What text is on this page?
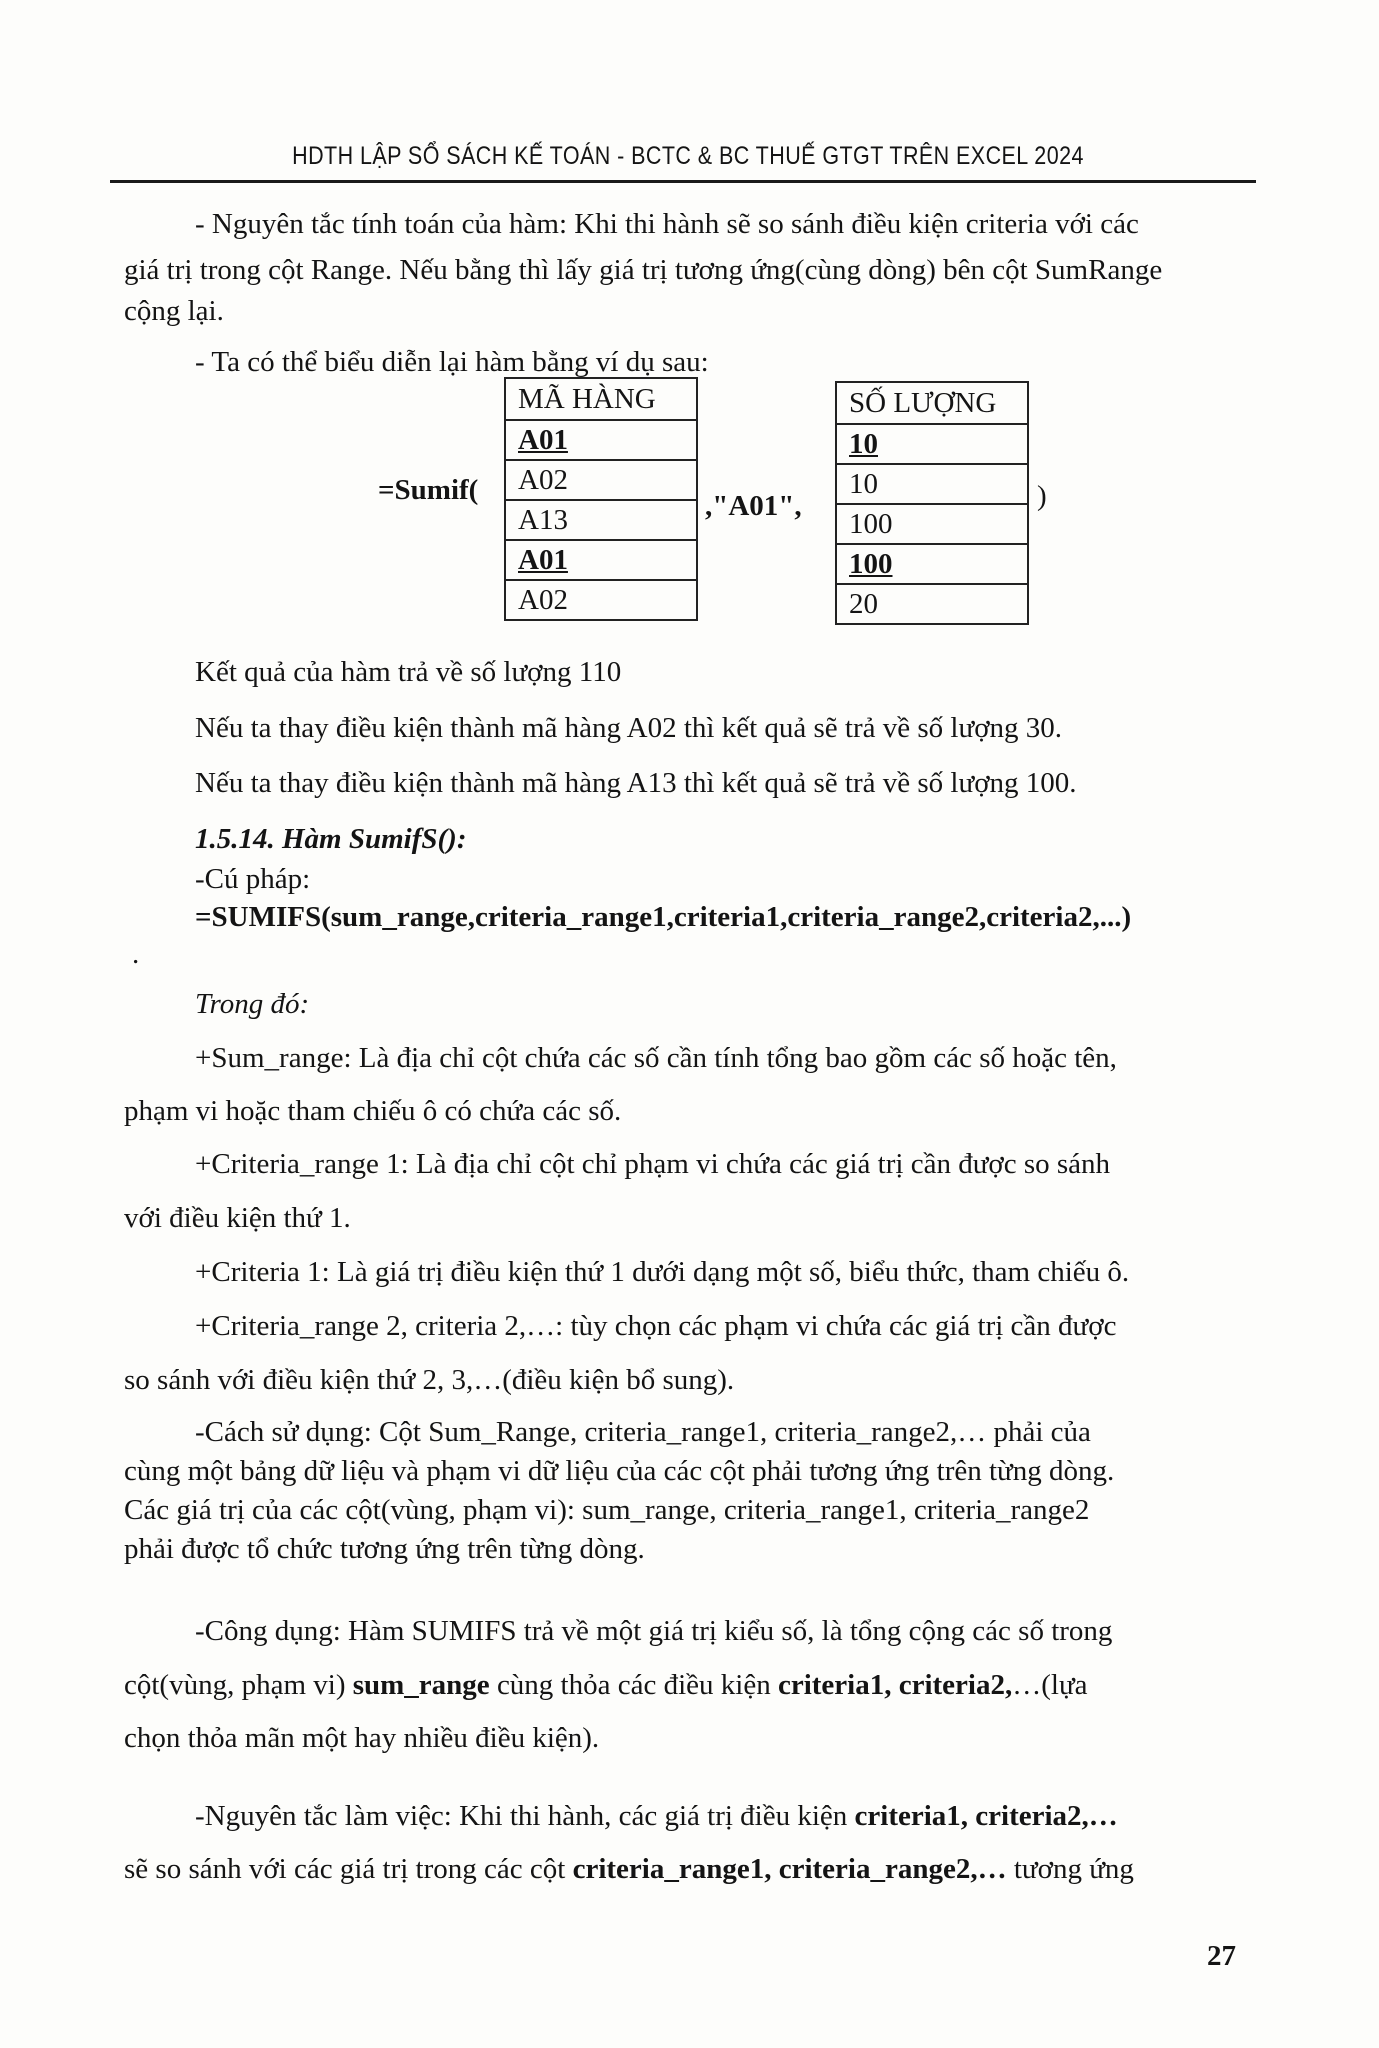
HDTH LẬP SỔ SÁCH KẾ TOÁN - BCTC & BC THUẾ GTGT TRÊN EXCEL 2024
- Nguyên tắc tính toán của hàm: Khi thi hành sẽ so sánh điều kiện criteria với các
giá trị trong cột Range. Nếu bằng thì lấy giá trị tương ứng(cùng dòng) bên cột SumRange
cộng lại.
- Ta có thể biểu diễn lại hàm bằng ví dụ sau:
=Sumif(
MÃ HÀNG
A01
A02
A13
A01
A02
,"A01",
SỐ LƯỢNG
10
10
100
100
20
)
Kết quả của hàm trả về số lượng 110
Nếu ta thay điều kiện thành mã hàng A02 thì kết quả sẽ trả về số lượng 30.
Nếu ta thay điều kiện thành mã hàng A13 thì kết quả sẽ trả về số lượng 100.
1.5.14. Hàm SumifS():
-Cú pháp:
=SUMIFS(sum_range,criteria_range1,criteria1,criteria_range2,criteria2,...)
.
Trong đó:
+Sum_range: Là địa chỉ cột chứa các số cần tính tổng bao gồm các số hoặc tên,
phạm vi hoặc tham chiếu ô có chứa các số.
+Criteria_range 1: Là địa chỉ cột chỉ phạm vi chứa các giá trị cần được so sánh
với điều kiện thứ 1.
+Criteria 1: Là giá trị điều kiện thứ 1 dưới dạng một số, biểu thức, tham chiếu ô.
+Criteria_range 2, criteria 2,…: tùy chọn các phạm vi chứa các giá trị cần được
so sánh với điều kiện thứ 2, 3,…(điều kiện bổ sung).
-Cách sử dụng: Cột Sum_Range, criteria_range1, criteria_range2,… phải của
cùng một bảng dữ liệu và phạm vi dữ liệu của các cột phải tương ứng trên từng dòng.
Các giá trị của các cột(vùng, phạm vi): sum_range, criteria_range1, criteria_range2
phải được tổ chức tương ứng trên từng dòng.
-Công dụng: Hàm SUMIFS trả về một giá trị kiểu số, là tổng cộng các số trong
cột(vùng, phạm vi) sum_range cùng thỏa các điều kiện criteria1, criteria2,…(lựa
chọn thỏa mãn một hay nhiều điều kiện).
-Nguyên tắc làm việc: Khi thi hành, các giá trị điều kiện criteria1, criteria2,…
sẽ so sánh với các giá trị trong các cột criteria_range1, criteria_range2,… tương ứng
27
